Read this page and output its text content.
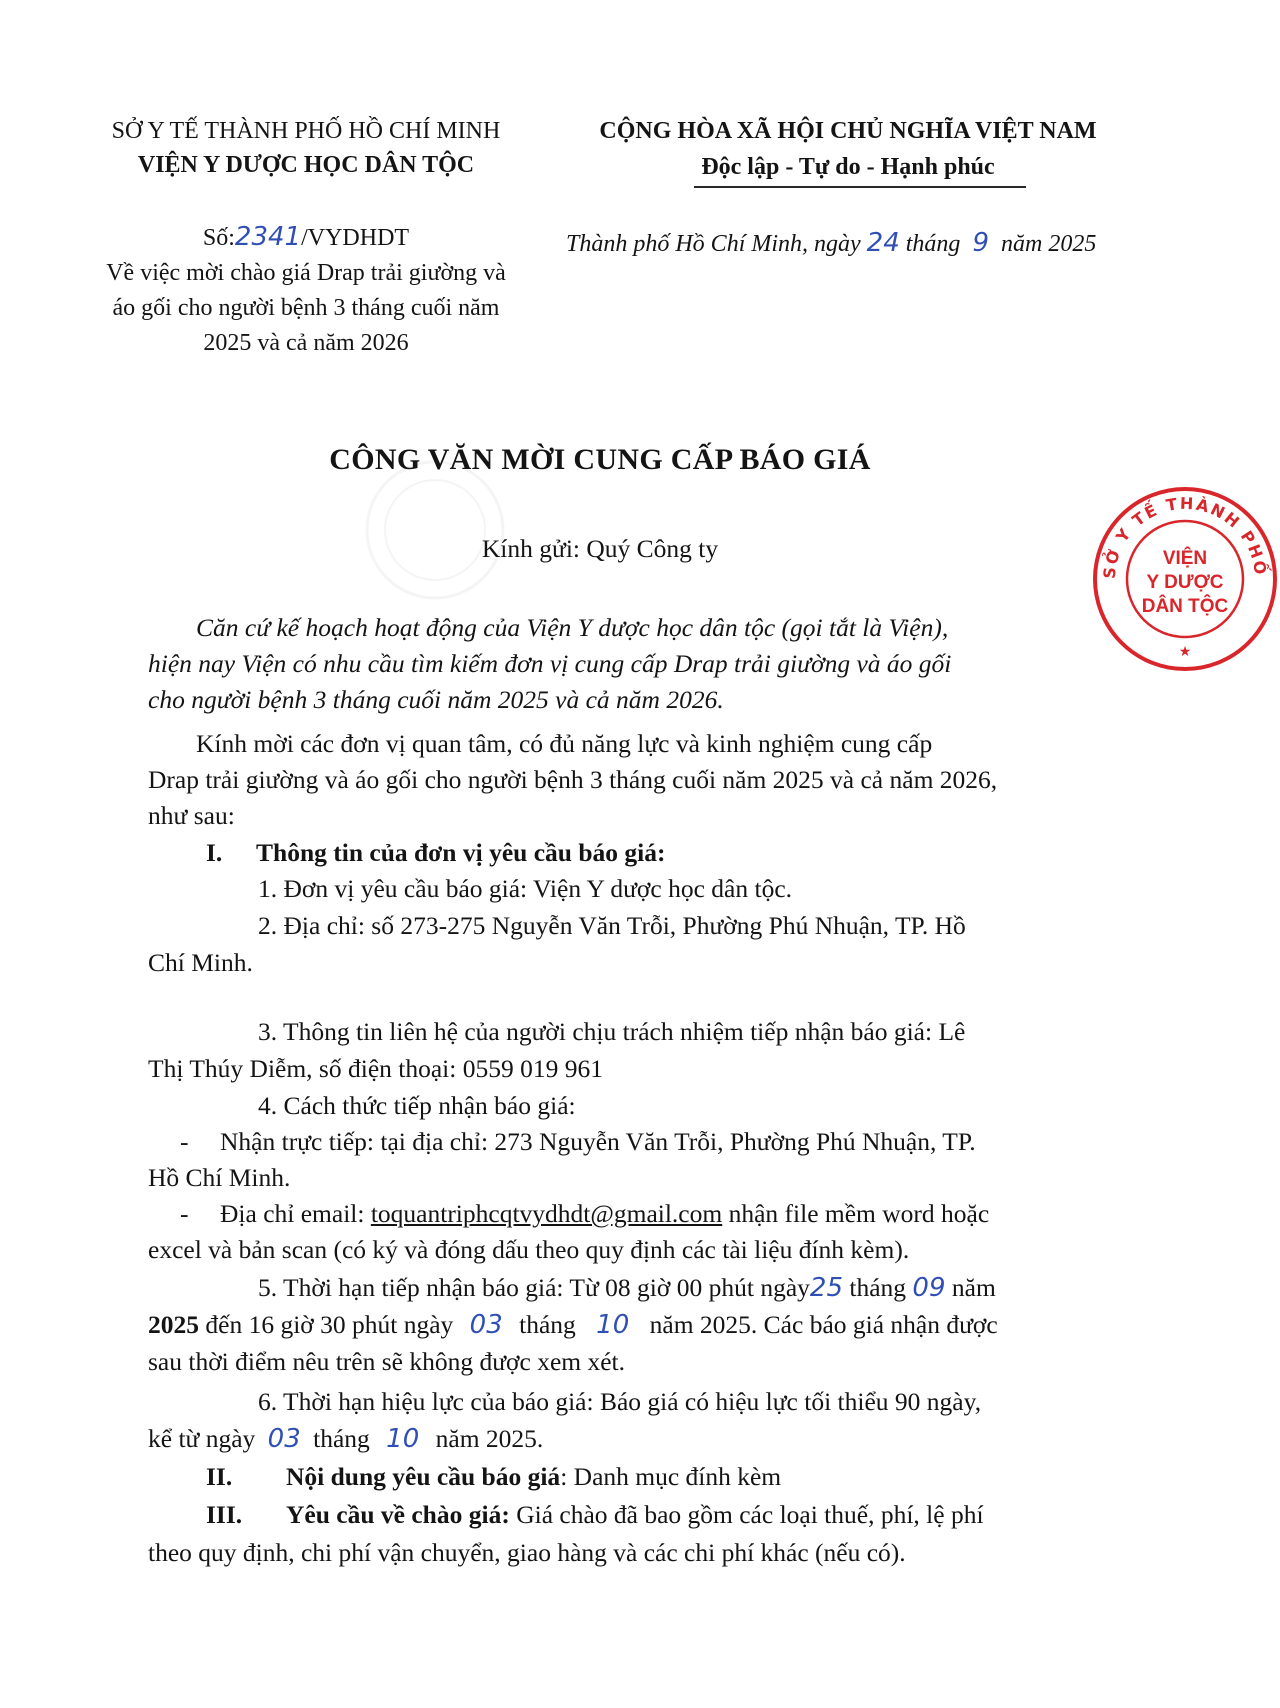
SỞ Y TẾ THÀNH PHỐ HỒ CHÍ MINH
VIỆN Y DƯỢC HỌC DÂN TỘC
CỘNG HÒA XÃ HỘI CHỦ NGHĨA VIỆT NAM
Độc lập - Tự do - Hạnh phúc
Số:2341/VYDHDT
Về việc mời chào giá Drap trải giường và
áo gối cho người bệnh 3 tháng cuối năm
2025 và cả năm 2026
Thành phố Hồ Chí Minh, ngày 24 tháng 9 năm 2025
CÔNG VĂN MỜI CUNG CẤP BÁO GIÁ
Kính gửi: Quý Công ty
Căn cứ kế hoạch hoạt động của Viện Y dược học dân tộc (gọi tắt là Viện),
hiện nay Viện có nhu cầu tìm kiếm đơn vị cung cấp Drap trải giường và áo gối
cho người bệnh 3 tháng cuối năm 2025 và cả năm 2026.
Kính mời các đơn vị quan tâm, có đủ năng lực và kinh nghiệm cung cấp
Drap trải giường và áo gối cho người bệnh 3 tháng cuối năm 2025 và cả năm 2026,
như sau:
I. Thông tin của đơn vị yêu cầu báo giá:
1. Đơn vị yêu cầu báo giá: Viện Y dược học dân tộc.
2. Địa chỉ: số 273-275 Nguyễn Văn Trỗi, Phường Phú Nhuận, TP. Hồ
Chí Minh.
3. Thông tin liên hệ của người chịu trách nhiệm tiếp nhận báo giá: Lê
Thị Thúy Diễm, số điện thoại: 0559 019 961
4. Cách thức tiếp nhận báo giá:
- Nhận trực tiếp: tại địa chỉ: 273 Nguyễn Văn Trỗi, Phường Phú Nhuận, TP.
Hồ Chí Minh.
- Địa chỉ email: toquantriphcqtvydhdt@gmail.com nhận file mềm word hoặc
excel và bản scan (có ký và đóng dấu theo quy định các tài liệu đính kèm).
5. Thời hạn tiếp nhận báo giá: Từ 08 giờ 00 phút ngày25 tháng 09 năm
2025 đến 16 giờ 30 phút ngày 03 tháng 10 năm 2025. Các báo giá nhận được
sau thời điểm nêu trên sẽ không được xem xét.
6. Thời hạn hiệu lực của báo giá: Báo giá có hiệu lực tối thiểu 90 ngày,
kể từ ngày 03 tháng 10 năm 2025.
II. Nội dung yêu cầu báo giá: Danh mục đính kèm
III. Yêu cầu về chào giá: Giá chào đã bao gồm các loại thuế, phí, lệ phí
theo quy định, chi phí vận chuyển, giao hàng và các chi phí khác (nếu có).
SỞ Y TẾ THÀNH PHỐ
VIỆN
Y DƯỢC
DÂN TỘC
★
